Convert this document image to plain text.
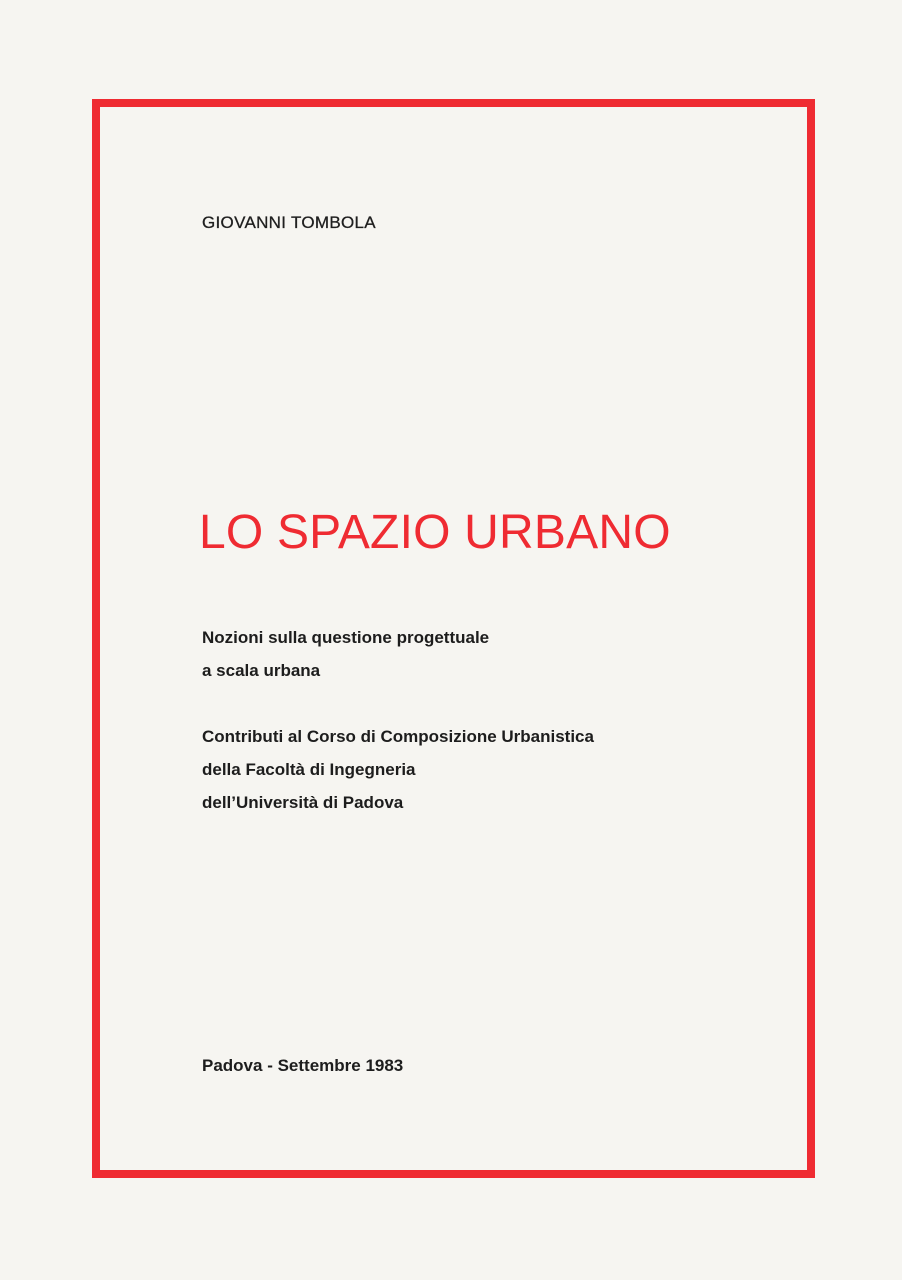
GIOVANNI TOMBOLA
LO SPAZIO URBANO
Nozioni sulla questione progettuale
a scala urbana
Contributi al Corso di Composizione Urbanistica
della Facoltà di Ingegneria
dell’Università di Padova
Padova - Settembre 1983
